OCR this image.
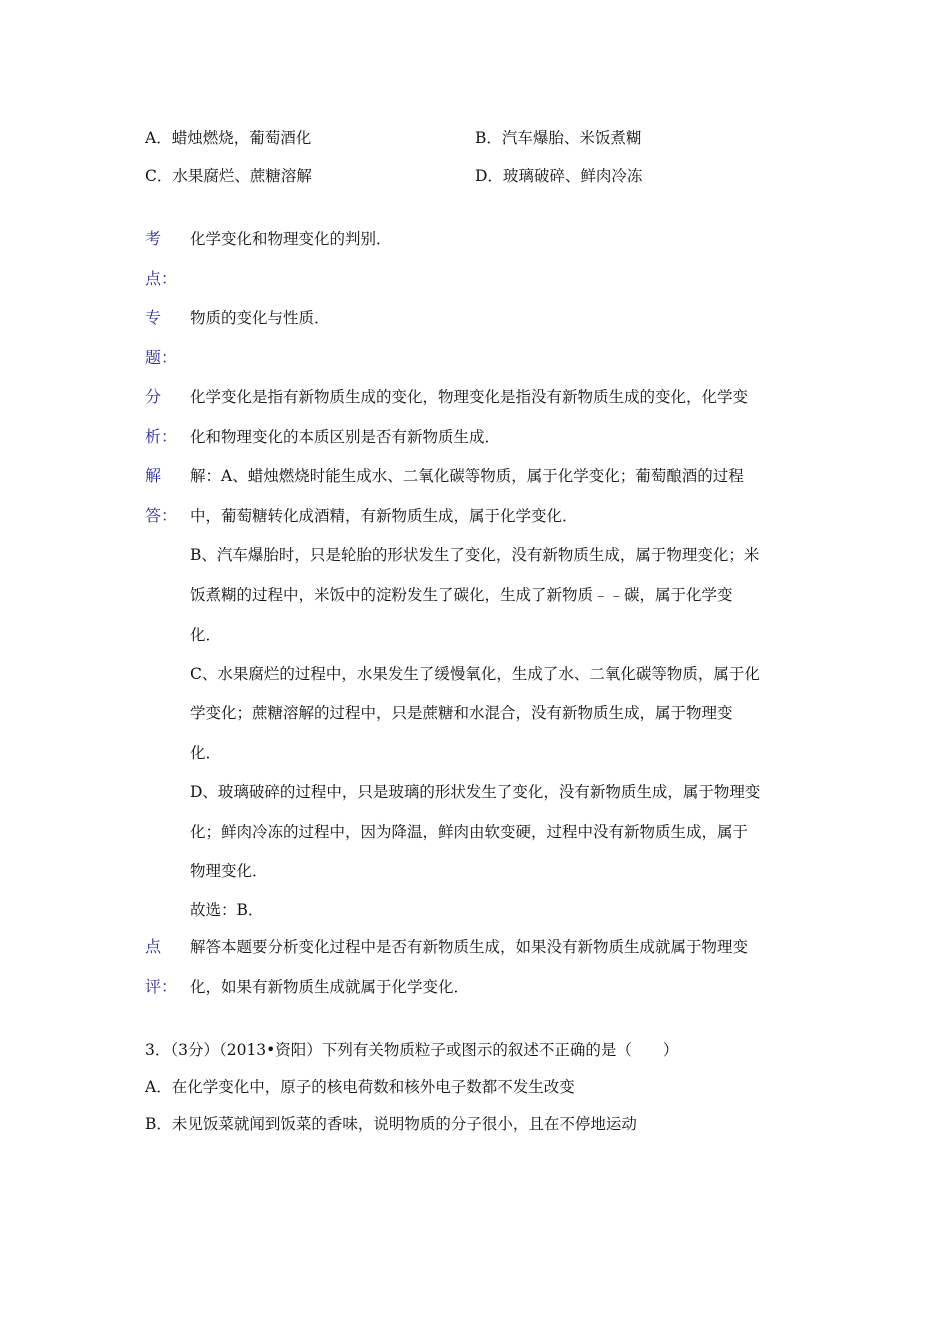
A．蜡烛燃烧，葡萄酒化	B．汽车爆胎、米饭煮糊
C．水果腐烂、蔗糖溶解	D．玻璃破碎、鲜肉冷冻
考
点：
化学变化和物理变化的判别．
专
题：
物质的变化与性质．
分
析：
化学变化是指有新物质生成的变化，物理变化是指没有新物质生成的变化，化学变
化和物理变化的本质区别是否有新物质生成．
解
答：
解：A、蜡烛燃烧时能生成水、二氧化碳等物质，属于化学变化；葡萄酿酒的过程
中，葡萄糖转化成酒精，有新物质生成，属于化学变化．
B、汽车爆胎时，只是轮胎的形状发生了变化，没有新物质生成，属于物理变化；米
饭煮糊的过程中，米饭中的淀粉发生了碳化，生成了新物质﹣﹣碳，属于化学变
化．
C、水果腐烂的过程中，水果发生了缓慢氧化，生成了水、二氧化碳等物质，属于化
学变化；蔗糖溶解的过程中，只是蔗糖和水混合，没有新物质生成，属于物理变
化．
D、玻璃破碎的过程中，只是玻璃的形状发生了变化，没有新物质生成，属于物理变
化；鲜肉冷冻的过程中，因为降温，鲜肉由软变硬，过程中没有新物质生成，属于
物理变化．
故选：B．
点
评：
解答本题要分析变化过程中是否有新物质生成，如果没有新物质生成就属于物理变
化，如果有新物质生成就属于化学变化．
3．（3分）（2013•资阳）下列有关物质粒子或图示的叙述不正确的是（　　）
A．在化学变化中，原子的核电荷数和核外电子数都不发生改变
B．未见饭菜就闻到饭菜的香味，说明物质的分子很小，且在不停地运动
